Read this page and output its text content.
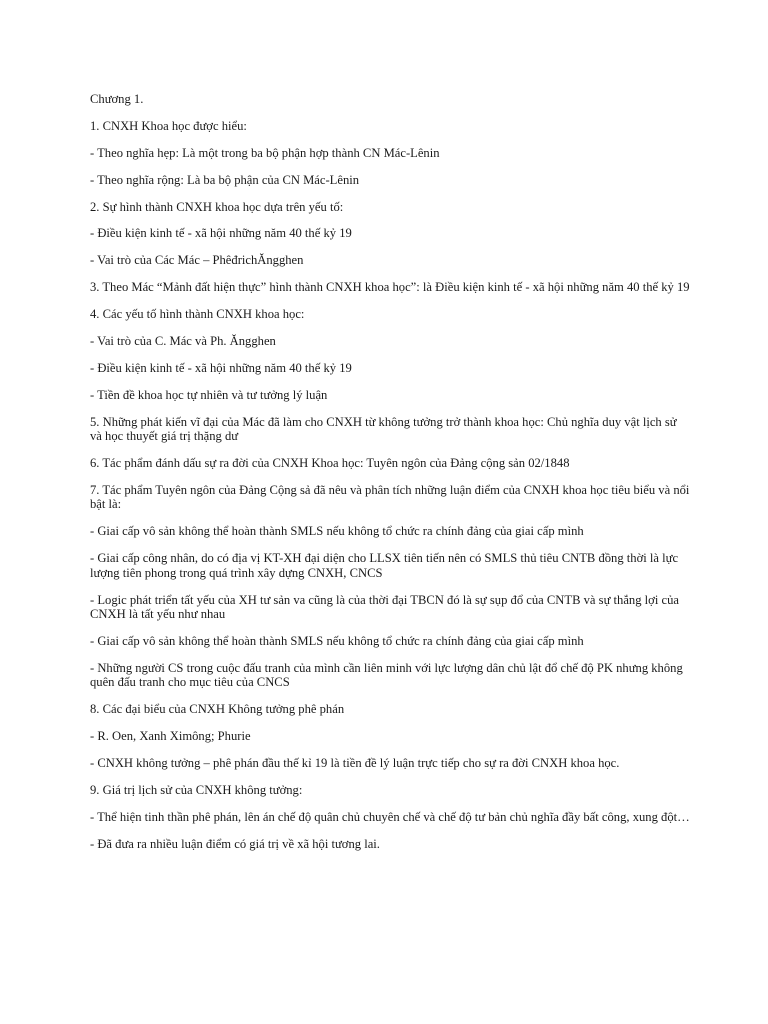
Chương 1.

1. CNXH Khoa học được hiểu:

- Theo nghĩa hẹp: Là một trong ba bộ phận hợp thành CN Mác-Lênin

- Theo nghĩa rộng: Là ba bộ phận của CN Mác-Lênin

2. Sự hình thành CNXH khoa học dựa trên yếu tố:

- Điều kiện kinh tế - xã hội những năm 40 thế kỷ 19

- Vai trò của Các Mác – PhêđrichĂngghen

3. Theo Mác “Mảnh đất hiện thực” hình thành CNXH khoa học”: là Điều kiện kinh tế - xã hội những năm 40 thế kỷ 19

4. Các yếu tố hình thành CNXH khoa học:

- Vai trò của C. Mác và Ph. Ăngghen

- Điều kiện kinh tế - xã hội những năm 40 thế kỷ 19

- Tiền đề khoa học tự nhiên và tư tưởng lý luận

5. Những phát kiến vĩ đại của Mác đã làm cho CNXH từ không tưởng trở thành khoa học: Chủ nghĩa duy vật lịch sử và học thuyết giá trị thặng dư

6. Tác phẩm đánh dấu sự ra đời của CNXH Khoa học: Tuyên ngôn của Đảng cộng sản 02/1848

7. Tác phẩm Tuyên ngôn của Đảng Cộng sả đã nêu và phân tích những luận điểm của CNXH khoa học tiêu biểu và nổi bật là:

- Giai cấp vô sản không thể hoàn thành SMLS nếu không tổ chức ra chính đảng của giai cấp mình

- Giai cấp công nhân, do có địa vị KT-XH đại diện cho LLSX tiên tiến nên có SMLS thủ tiêu CNTB đồng thời là lực lượng tiên phong trong quá trình xây dựng CNXH, CNCS

- Logic phát triển tất yếu của XH tư sản va cũng là của thời đại TBCN đó là sự sụp đổ của CNTB và sự thắng lợi của CNXH là tất yếu như nhau

- Giai cấp vô sản không thể hoàn thành SMLS nếu không tổ chức ra chính đảng của giai cấp mình

- Những người CS trong cuộc đấu tranh của mình cần liên minh với lực lượng dân chủ lật đổ chế độ PK nhưng không quên đấu tranh cho mục tiêu của CNCS

8. Các đại biểu của CNXH Không tưởng phê phán

- R. Oen, Xanh Ximông; Phurie

- CNXH không tưởng – phê phán đầu thế kỉ 19 là tiền đề lý luận trực tiếp cho sự ra đời CNXH khoa học.

9. Giá trị lịch sử của CNXH không tưởng:

- Thể hiện tinh thần phê phán, lên án chế độ quân chủ chuyên chế và chế độ tư bản chủ nghĩa đầy bất công, xung đột…

- Đã đưa ra nhiều luận điểm có giá trị về xã hội tương lai.
